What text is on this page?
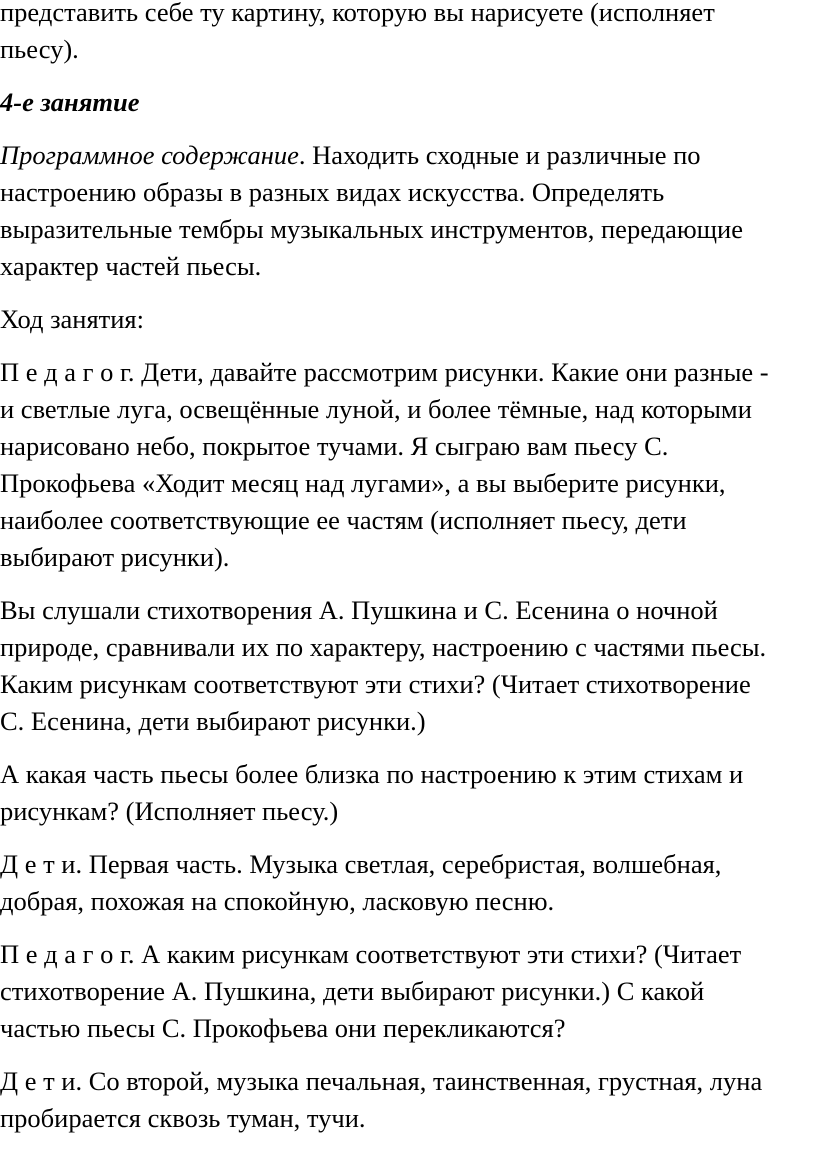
представить себе ту картину, которую вы нарисуете (исполняет
пьесу).

4-е занятие

Программное содержание. Находить сходные и различные по
настроению образы в разных видах искусства. Определять
выразительные тембры музыкальных инструментов, передающие
характер частей пьесы.

Ход занятия:

П е д а г о г. Дети, давайте рассмотрим рисунки. Какие они разные -
и светлые луга, освещённые луной, и более тёмные, над которыми
нарисовано небо, покрытое тучами. Я сыграю вам пьесу С.
Прокофьева «Ходит месяц над лугами», а вы выберите рисунки,
наиболее соответствующие ее частям (исполняет пьесу, дети
выбирают рисунки).

Вы слушали стихотворения А. Пушкина и С. Есенина о ночной
природе, сравнивали их по характеру, настроению с частями пьесы.
Каким рисункам соответствуют эти стихи? (Читает стихотворение
С. Есенина, дети выбирают рисунки.)

А какая часть пьесы более близка по настроению к этим стихам и
рисункам? (Исполняет пьесу.)

Д е т и. Первая часть. Музыка светлая, серебристая, волшебная,
добрая, похожая на спокойную, ласковую песню.

П е д а г о г. А каким рисункам соответствуют эти стихи? (Читает
стихотворение А. Пушкина, дети выбирают рисунки.) С какой
частью пьесы С. Прокофьева они перекликаются?

Д е т и. Со второй, музыка печальная, таинственная, грустная, луна
пробирается сквозь туман, тучи.
